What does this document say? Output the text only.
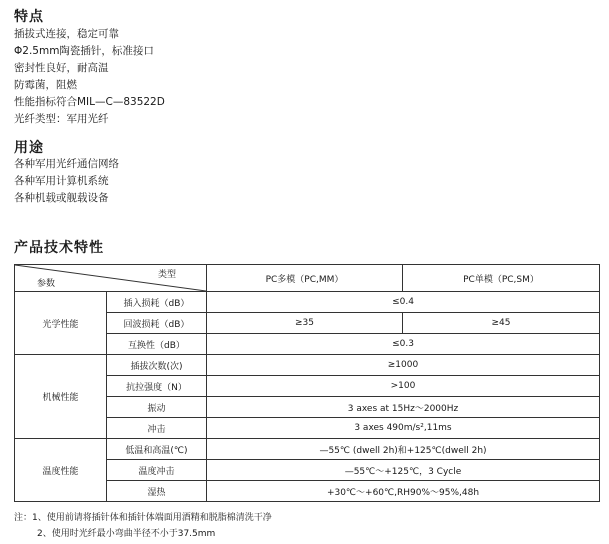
特点
插拔式连接，稳定可靠
Φ2.5mm陶瓷插针，标准接口
密封性良好，耐高温
防霉菌，阻燃
性能指标符合MIL—C—83522D
光纤类型：军用光纤
用途
各种军用光纤通信网络
各种军用计算机系统
各种机载或舰载设备
产品技术特性
类型
参数		PC多模（PC,MM）	PC单模（PC,SM）
光学性能	插入损耗（dB）	≤0.4	
	回波损耗（dB）	≥35	≥45
	互换性（dB）	≤0.3	
机械性能	插拔次数(次)	≥1000	
	抗拉强度（N）	>100	
	振动	3 axes at 15Hz～2000Hz	
	冲击	3 axes 490m/s²,11ms	
温度性能	低温和高温(℃)	—55℃ (dwell 2h)和+125℃(dwell 2h)	
	温度冲击	—55℃～+125℃，3 Cycle	
	湿热	+30℃～+60℃,RH90%～95%,48h	
注：1、使用前请将插针体和插针体端面用酒精和脱脂棉清洗干净
2、使用时光纤最小弯曲半径不小于37.5mm
